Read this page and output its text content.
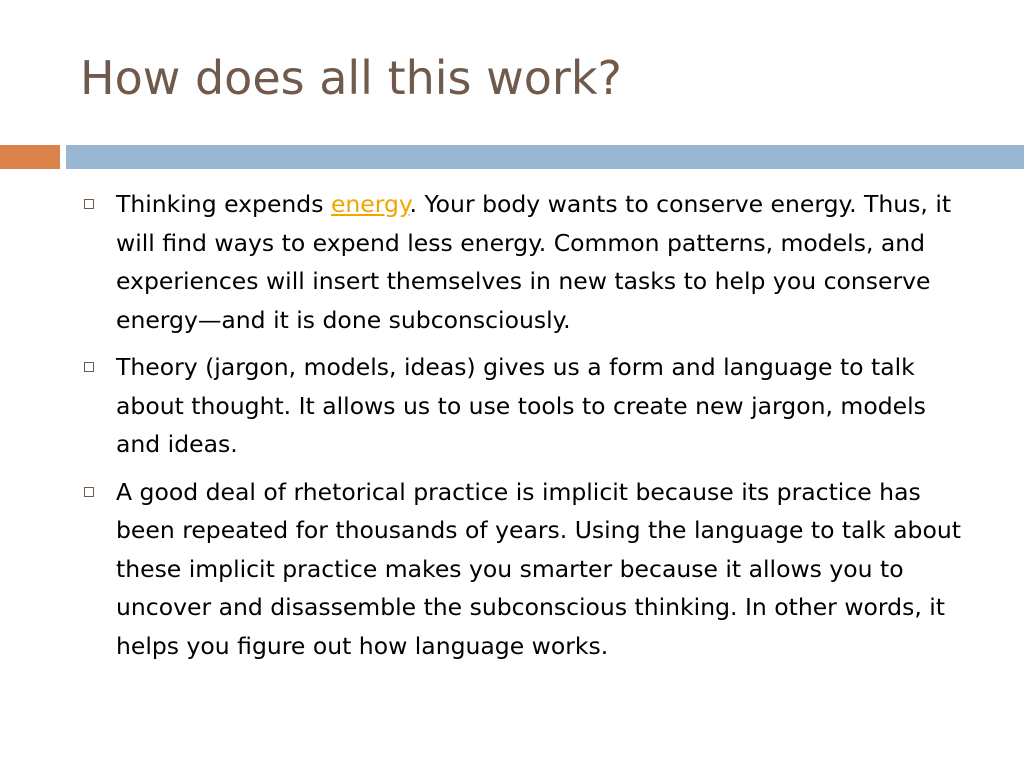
How does all this work?
Thinking expends energy. Your body wants to conserve energy. Thus, it will find ways to expend less energy. Common patterns, models, and experiences will insert themselves in new tasks to help you conserve energy—and it is done subconsciously.
Theory (jargon, models, ideas) gives us a form and language to talk about thought. It allows us to use tools to create new jargon, models and ideas.
A good deal of rhetorical practice is implicit because its practice has been repeated for thousands of years. Using the language to talk about these implicit practice makes you smarter because it allows you to uncover and disassemble the subconscious thinking. In other words, it helps you figure out how language works.
